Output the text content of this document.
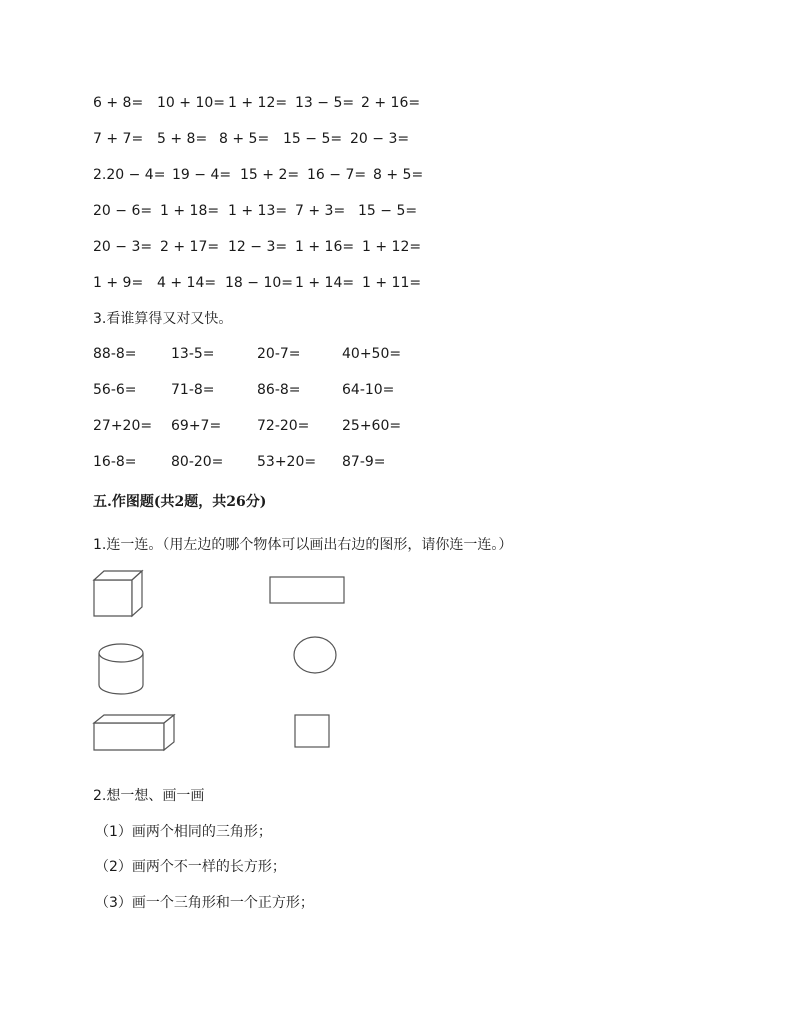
6 + 8= 10 + 10= 1 + 12= 13 − 5= 2 + 16=
7 + 7= 5 + 8= 8 + 5= 15 − 5= 20 − 3=
2.20 − 4= 19 − 4= 15 + 2= 16 − 7= 8 + 5=
20 − 6= 1 + 18= 1 + 13= 7 + 3= 15 − 5=
20 − 3= 2 + 17= 12 − 3= 1 + 16= 1 + 12=
1 + 9= 4 + 14= 18 − 10= 1 + 14= 1 + 11=
3.看谁算得又对又快。
88-8= 13-5=	20-7=	40+50=
56-6= 71-8=	86-8=	64-10=
27+20= 69+7=	72-20= 25+60=
16-8= 80-20= 53+20= 87-9=
五.作图题(共2题，共26分)
1.连一连。（用左边的哪个物体可以画出右边的图形，请你连一连。）
2.想一想、画一画
（1）画两个相同的三角形；
（2）画两个不一样的长方形；
（3）画一个三角形和一个正方形；
